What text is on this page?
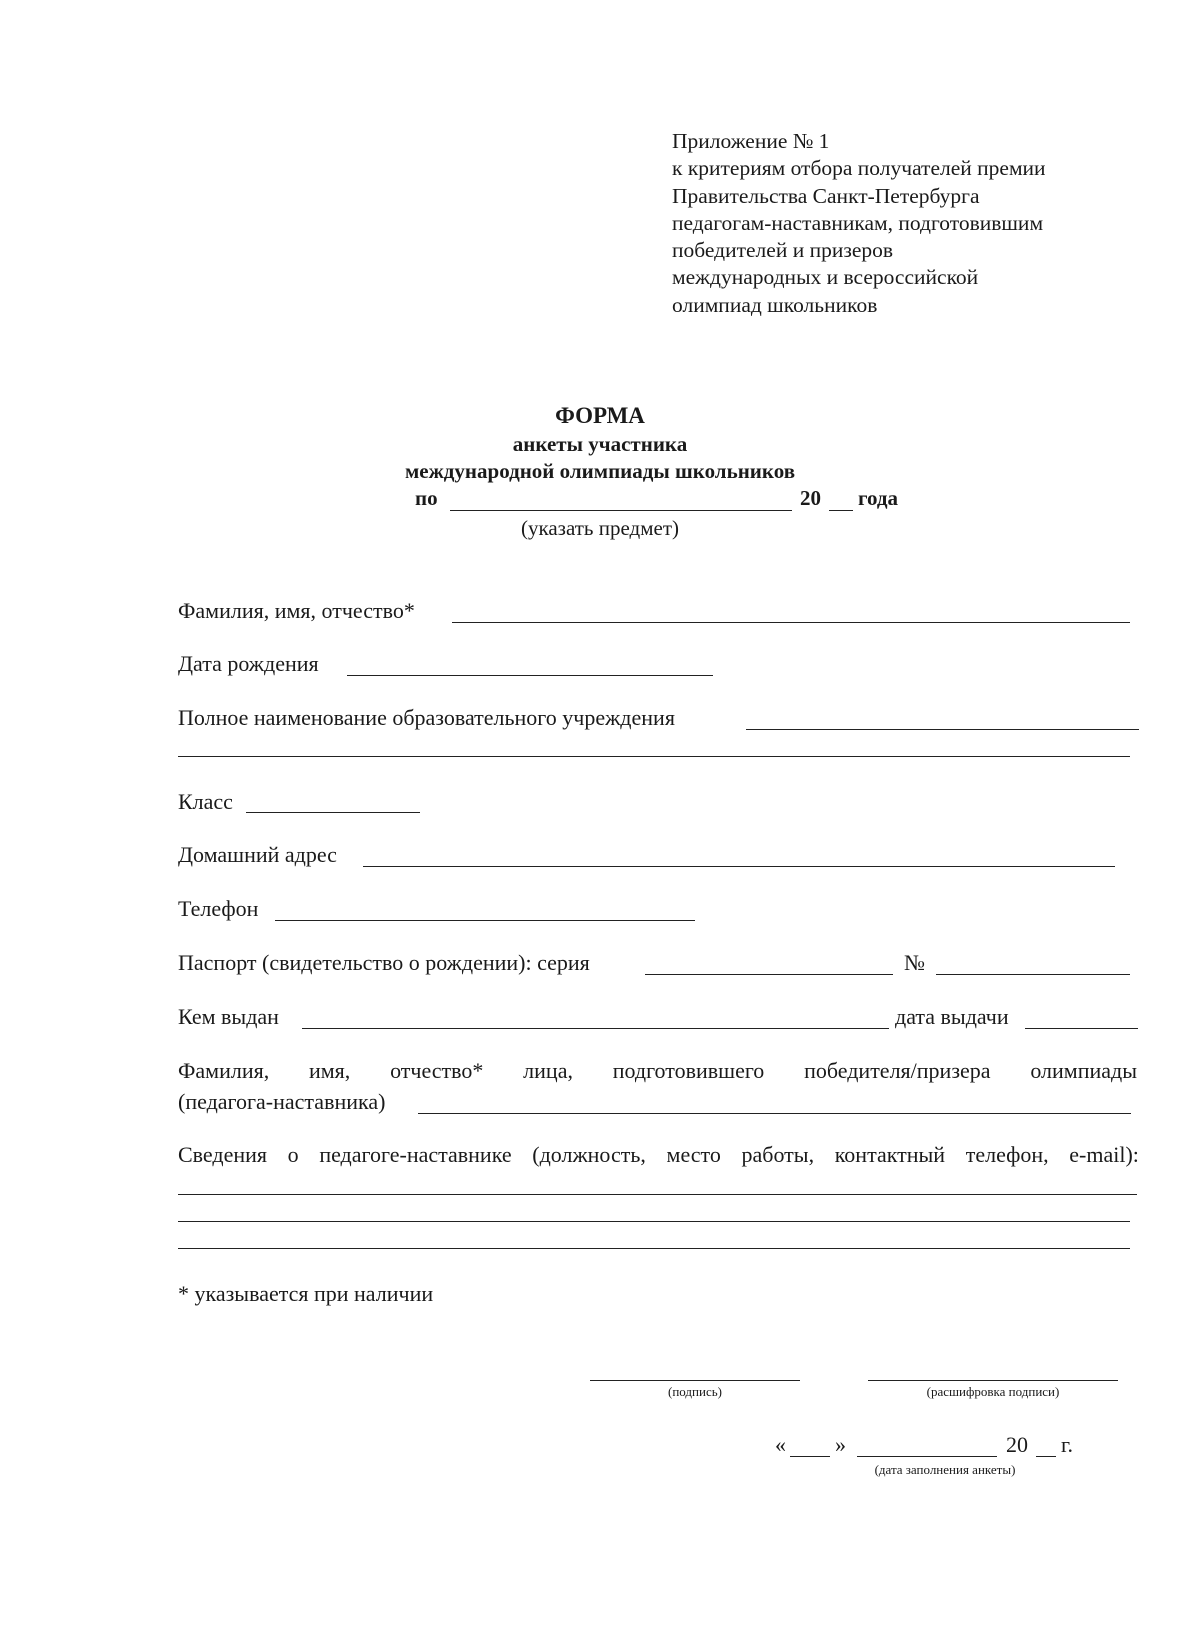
Приложение № 1
к критериям отбора получателей премии
Правительства Санкт-Петербурга
педагогам-наставникам, подготовившим
победителей и призеров
международных и всероссийской
олимпиад школьников
ФОРМА
анкеты участника
международной олимпиады школьников
по	20 года
(указать предмет)
Фамилия, имя, отчество*
Дата рождения
Полное наименование образовательного учреждения
Класс
Домашний адрес
Телефон
Паспорт (свидетельство о рождении): серия	№
Кем выдан	дата выдачи
Фамилия, имя, отчество* лица, подготовившего победителя/призера олимпиады
(педагога-наставника)
Сведения о педагоге-наставнике (должность, место работы, контактный телефон, e-mail):
* указывается при наличии
(подпись)	(расшифровка подписи)
« »	20 г.
(дата заполнения анкеты)
